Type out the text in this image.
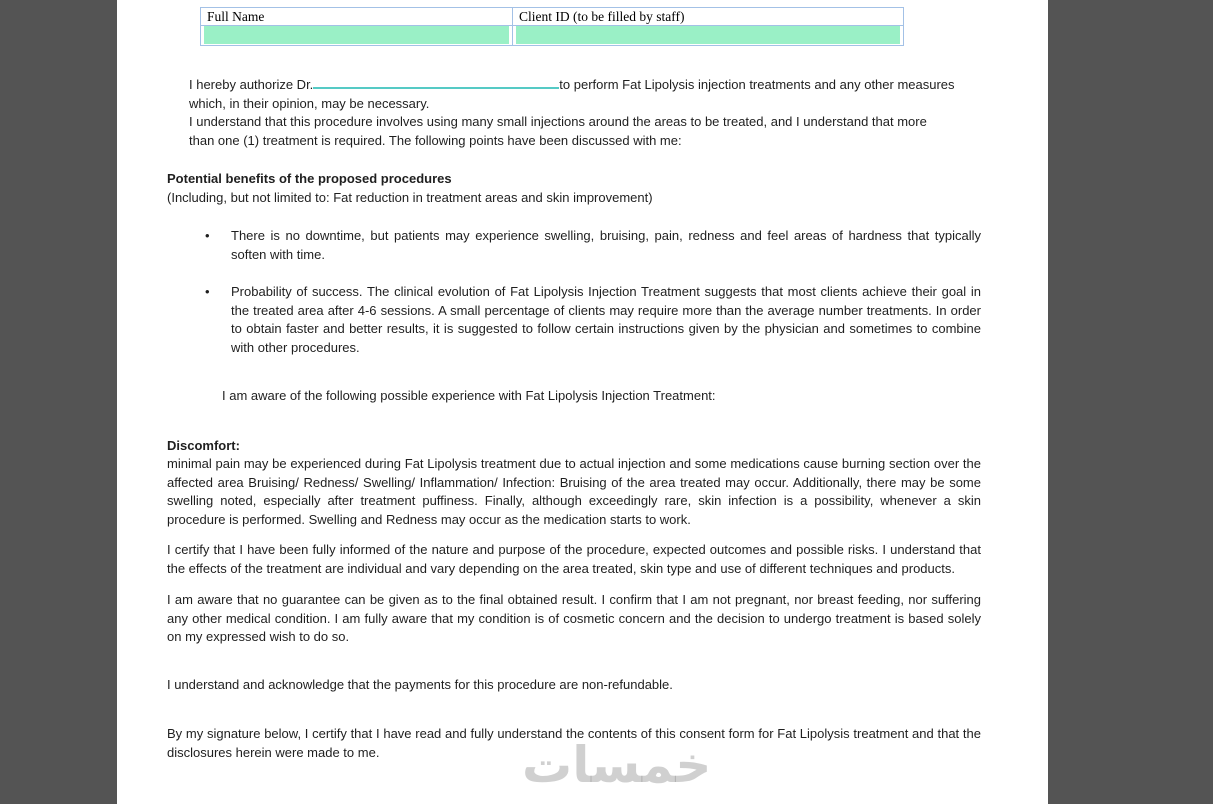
Full Name	Client ID (to be filled by staff)

I hereby authorize Dr.	to perform Fat Lipolysis injection treatments and any other measures which, in their opinion, may be necessary.

I understand that this procedure involves using many small injections around the areas to be treated, and I understand that more than one (1) treatment is required. The following points have been discussed with me:

Potential benefits of the proposed procedures
(Including, but not limited to: Fat reduction in treatment areas and skin improvement)
•	There is no downtime, but patients may experience swelling, bruising, pain, redness and feel areas of hardness that typically soften with time.
•	Probability of success. The clinical evolution of Fat Lipolysis Injection Treatment suggests that most clients achieve their goal in the treated area after 4-6 sessions. A small percentage of clients may require more than the average number treatments. In order to obtain faster and better results, it is suggested to follow certain instructions given by the physician and sometimes to combine with other procedures.
I am aware of the following possible experience with Fat Lipolysis Injection Treatment:
Discomfort:
minimal pain may be experienced during Fat Lipolysis treatment due to actual injection and some medications cause burning section over the affected area Bruising/ Redness/ Swelling/ Inflammation/ Infection: Bruising of the area treated may occur. Additionally, there may be some swelling noted, especially after treatment puffiness. Finally, although exceedingly rare, skin infection is a possibility, whenever a skin procedure is performed. Swelling and Redness may occur as the medication starts to work.

I certify that I have been fully informed of the nature and purpose of the procedure, expected outcomes and possible risks. I understand that the effects of the treatment are individual and vary depending on the area treated, skin type and use of different techniques and products.

I am aware that no guarantee can be given as to the final obtained result. I confirm that I am not pregnant, nor breast feeding, nor suffering any other medical condition. I am fully aware that my condition is of cosmetic concern and the decision to undergo treatment is based solely on my expressed wish to do so.

I understand and acknowledge that the payments for this procedure are non-refundable.

By my signature below, I certify that I have read and fully understand the contents of this consent form for Fat Lipolysis treatment and that the disclosures herein were made to me.	خمسات
